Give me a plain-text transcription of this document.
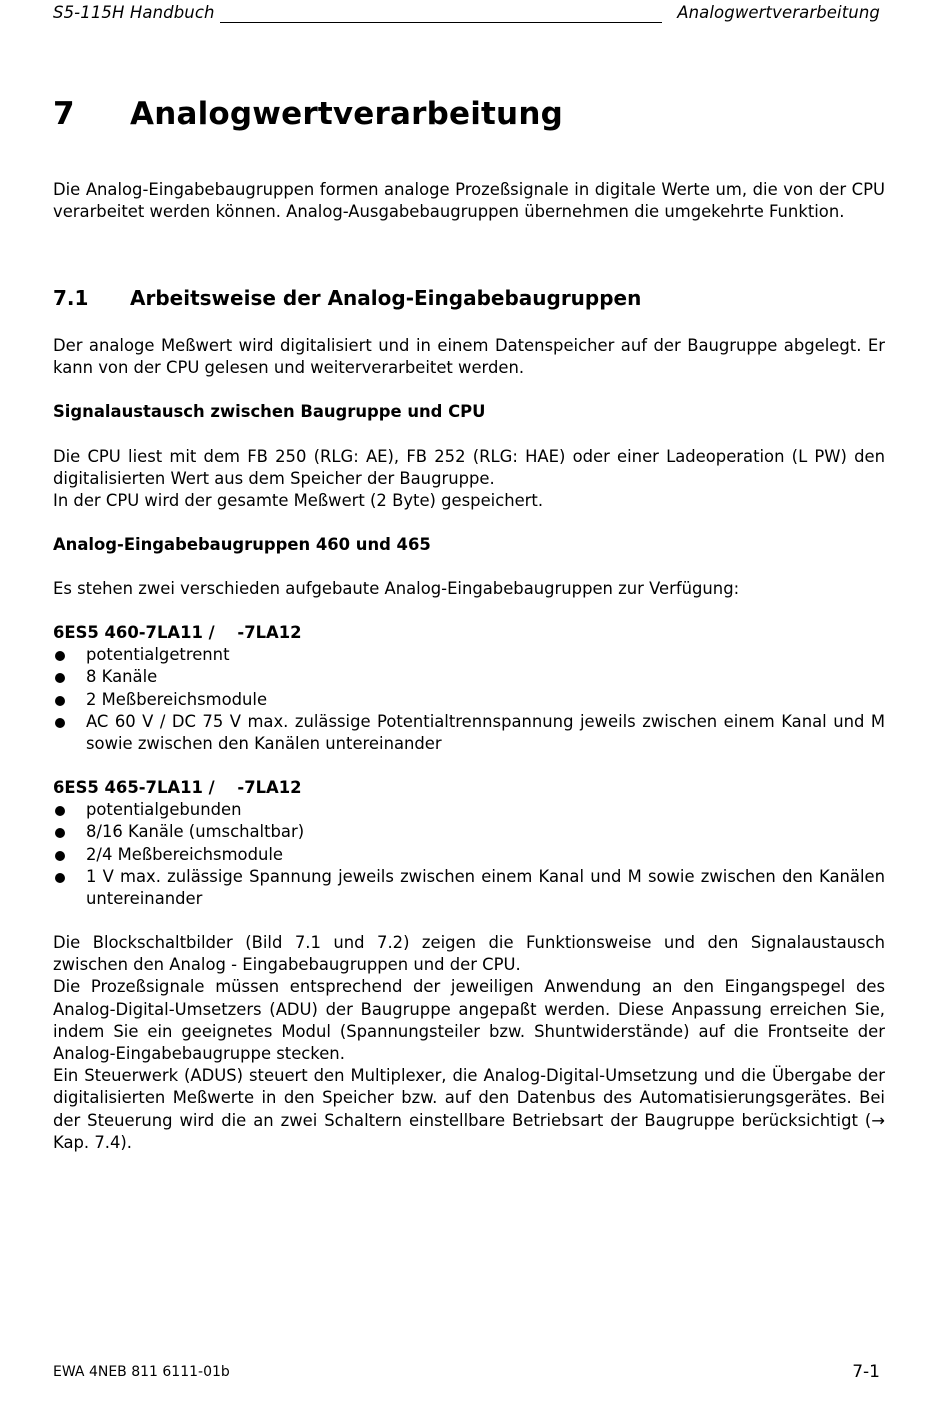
S5-115H Handbuch	Analogwertverarbeitung
7 Analogwertverarbeitung

Die Analog-Eingabebaugruppen formen analoge Prozeßsignale in digitale Werte um, die von der CPU verarbeitet werden können. Analog-Ausgabebaugruppen übernehmen die umgekehrte Funktion.

7.1 Arbeitsweise der Analog-Eingabebaugruppen

Der analoge Meßwert wird digitalisiert und in einem Datenspeicher auf der Baugruppe abgelegt. Er kann von der CPU gelesen und weiterverarbeitet werden.

Signalaustausch zwischen Baugruppe und CPU

Die CPU liest mit dem FB 250 (RLG: AE), FB 252 (RLG: HAE) oder einer Ladeoperation (L PW) den digitalisierten Wert aus dem Speicher der Baugruppe.

In der CPU wird der gesamte Meßwert (2 Byte) gespeichert.

Analog-Eingabebaugruppen 460 und 465

Es stehen zwei verschieden aufgebaute Analog-Eingabebaugruppen zur Verfügung:

6ES5 460-7LA11 /    -7LA12

potentialgetrennt
8 Kanäle
2 Meßbereichsmodule
AC 60 V / DC 75 V max. zulässige Potentialtrennspannung jeweils zwischen einem Kanal und M sowie zwischen den Kanälen untereinander

6ES5 465-7LA11 /    -7LA12

potentialgebunden
8/16 Kanäle (umschaltbar)
2/4 Meßbereichsmodule
1 V max. zulässige Spannung jeweils zwischen einem Kanal und M sowie zwischen den Kanälen untereinander

Die Blockschaltbilder (Bild 7.1 und 7.2) zeigen die Funktionsweise und den Signalaustausch zwischen den Analog - Eingabebaugruppen und der CPU.

Die Prozeßsignale müssen entsprechend der jeweiligen Anwendung an den Eingangspegel des Analog-Digital-Umsetzers (ADU) der Baugruppe angepaßt werden. Diese Anpassung erreichen Sie, indem Sie ein geeignetes Modul (Spannungsteiler bzw. Shuntwiderstände) auf die Frontseite der Analog-Eingabebaugruppe stecken.

Ein Steuerwerk (ADUS) steuert den Multiplexer, die Analog-Digital-Umsetzung und die Übergabe der digitalisierten Meßwerte in den Speicher bzw. auf den Datenbus des Automatisierungsgerätes. Bei der Steuerung wird die an zwei Schaltern einstellbare Betriebsart der Baugruppe berücksichtigt (→ Kap. 7.4).

EWA 4NEB 811 6111-01b	7-1
